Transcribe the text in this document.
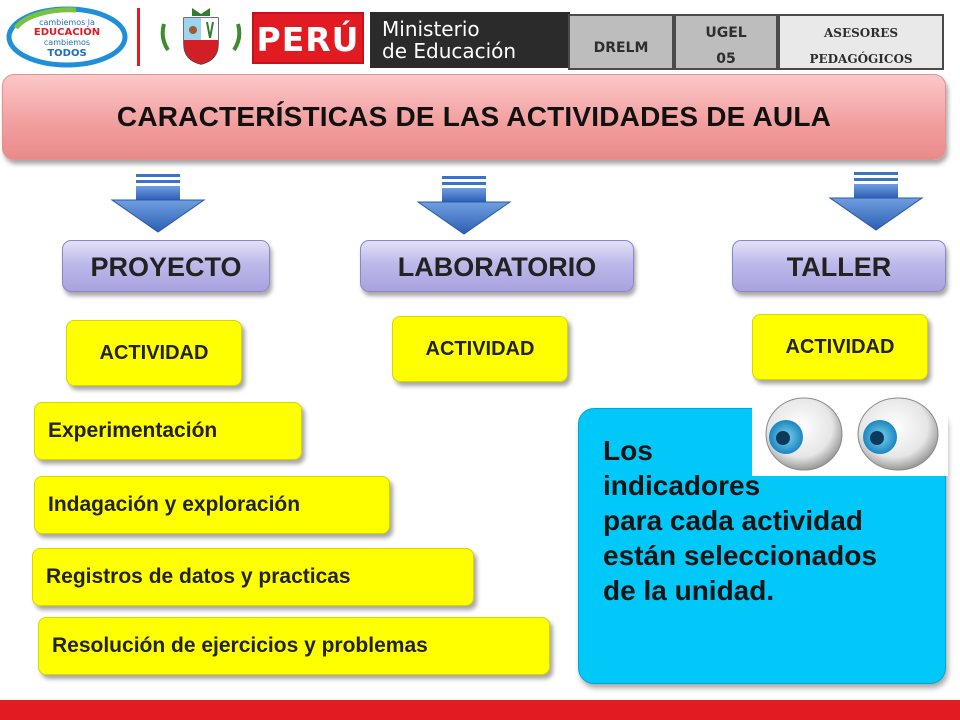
cambiemos la
EDUCACIÓN
cambiemos
TODOS	PERÚ Ministerio
de Educación	DRELM
UGEL
05
ASESORES
PEDAGÓGICOS
CARACTERÍSTICAS DE LAS ACTIVIDADES DE AULA
PROYECTO	LABORATORIO	TALLER
ACTIVIDAD	ACTIVIDAD	ACTIVIDAD
Experimentación
Indagación y exploración
Registros de datos y practicas
Resolución de ejercicios y problemas
Los
indicadores
para cada actividad
están seleccionados
de la unidad.
